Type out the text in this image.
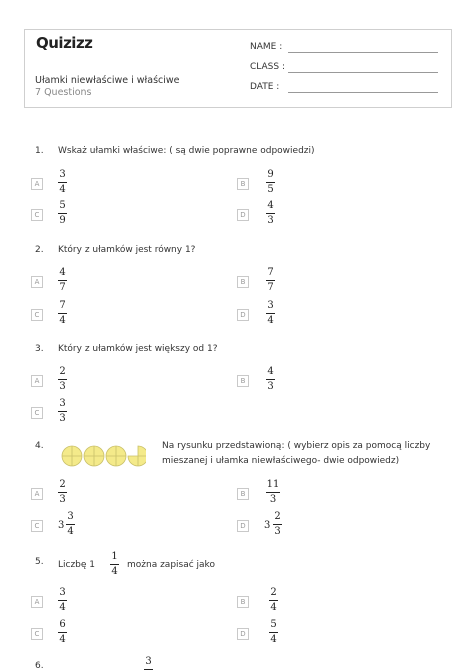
Quizizz
Ułamki niewłaściwe i właściwe
7 Questions
NAME :
CLASS :
DATE :
1. Wskaż ułamki właściwe: ( są dwie poprawne odpowiedzi)
A
3
4	B
9
5
C
5
9	D
4
3
2. Który z ułamków jest równy 1?
A
4
7	B
7
7
C
7
4	D
3
4
3. Który z ułamków jest większy od 1?
A
2
3	B
4
3
C
3
3
4.	Na rysunku przedstawioną: ( wybierz opis za pomocą liczby
mieszanej i ułamka niewłaściwego- dwie odpowiedz)
A
2
3	B
11
3
C	3
3
4	D	3
2
3
5. Liczbę 1
1
4
można zapisać jako
A
3
4	B
2
4
C
6
4	D
5
4
6.	3
